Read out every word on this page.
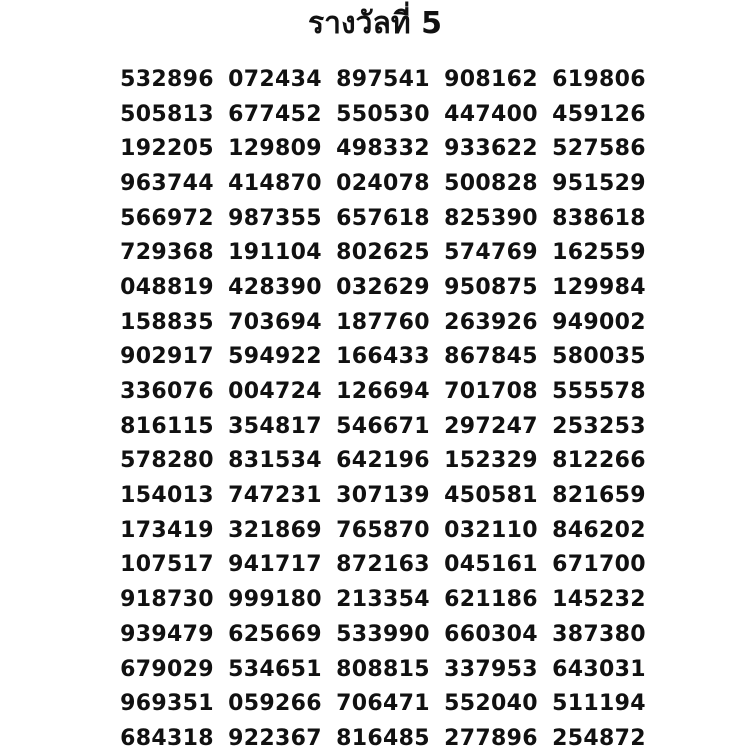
รางวัลที่ 5
532896 072434 897541 908162 619806
505813 677452 550530 447400 459126
192205 129809 498332 933622 527586
963744 414870 024078 500828 951529
566972 987355 657618 825390 838618
729368 191104 802625 574769 162559
048819 428390 032629 950875 129984
158835 703694 187760 263926 949002
902917 594922 166433 867845 580035
336076 004724 126694 701708 555578
816115 354817 546671 297247 253253
578280 831534 642196 152329 812266
154013 747231 307139 450581 821659
173419 321869 765870 032110 846202
107517 941717 872163 045161 671700
918730 999180 213354 621186 145232
939479 625669 533990 660304 387380
679029 534651 808815 337953 643031
969351 059266 706471 552040 511194
684318 922367 816485 277896 254872
